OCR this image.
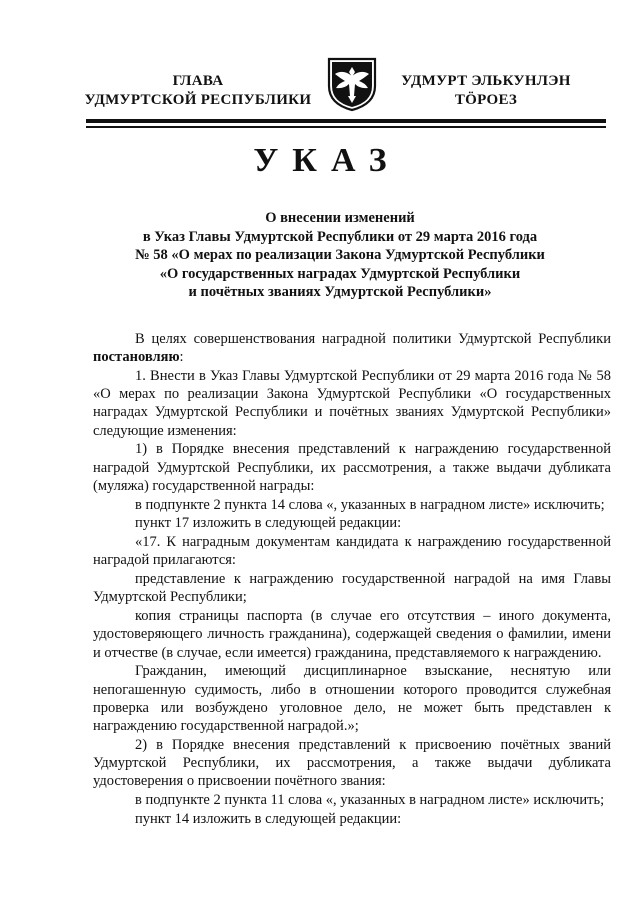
ГЛАВА
УДМУРТСКОЙ РЕСПУБЛИКИ
УДМУРТ ЭЛЬКУНЛЭН
ТӦРОЕЗ
УКАЗ
О внесении изменений
в Указ Главы Удмуртской Республики от 29 марта 2016 года
№ 58 «О мерах по реализации Закона Удмуртской Республики
«О государственных наградах Удмуртской Республики
и почётных званиях Удмуртской Республики»

В целях совершенствования наградной политики Удмуртской Республики постановляю:

1. Внести в Указ Главы Удмуртской Республики от 29 марта 2016 года № 58 «О мерах по реализации Закона Удмуртской Республики «О государственных наградах Удмуртской Республики и почётных званиях Удмуртской Республики» следующие изменения:

1) в Порядке внесения представлений к награждению государственной наградой Удмуртской Республики, их рассмотрения, а также выдачи дубликата (муляжа) государственной награды:

в подпункте 2 пункта 14 слова «, указанных в наградном листе» исключить;

пункт 17 изложить в следующей редакции:

«17. К наградным документам кандидата к награждению государственной наградой прилагаются:

представление к награждению государственной наградой на имя Главы Удмуртской Республики;

копия страницы паспорта (в случае его отсутствия – иного документа, удостоверяющего личность гражданина), содержащей сведения о фамилии, имени и отчестве (в случае, если имеется) гражданина, представляемого к награждению.

Гражданин, имеющий дисциплинарное взыскание, неснятую или непогашенную судимость, либо в отношении которого проводится служебная проверка или возбуждено уголовное дело, не может быть представлен к награждению государственной наградой.»;

2) в Порядке внесения представлений к присвоению почётных званий Удмуртской Республики, их рассмотрения, а также выдачи дубликата удостоверения о присвоении почётного звания:

в подпункте 2 пункта 11 слова «, указанных в наградном листе» исключить;

пункт 14 изложить в следующей редакции:
